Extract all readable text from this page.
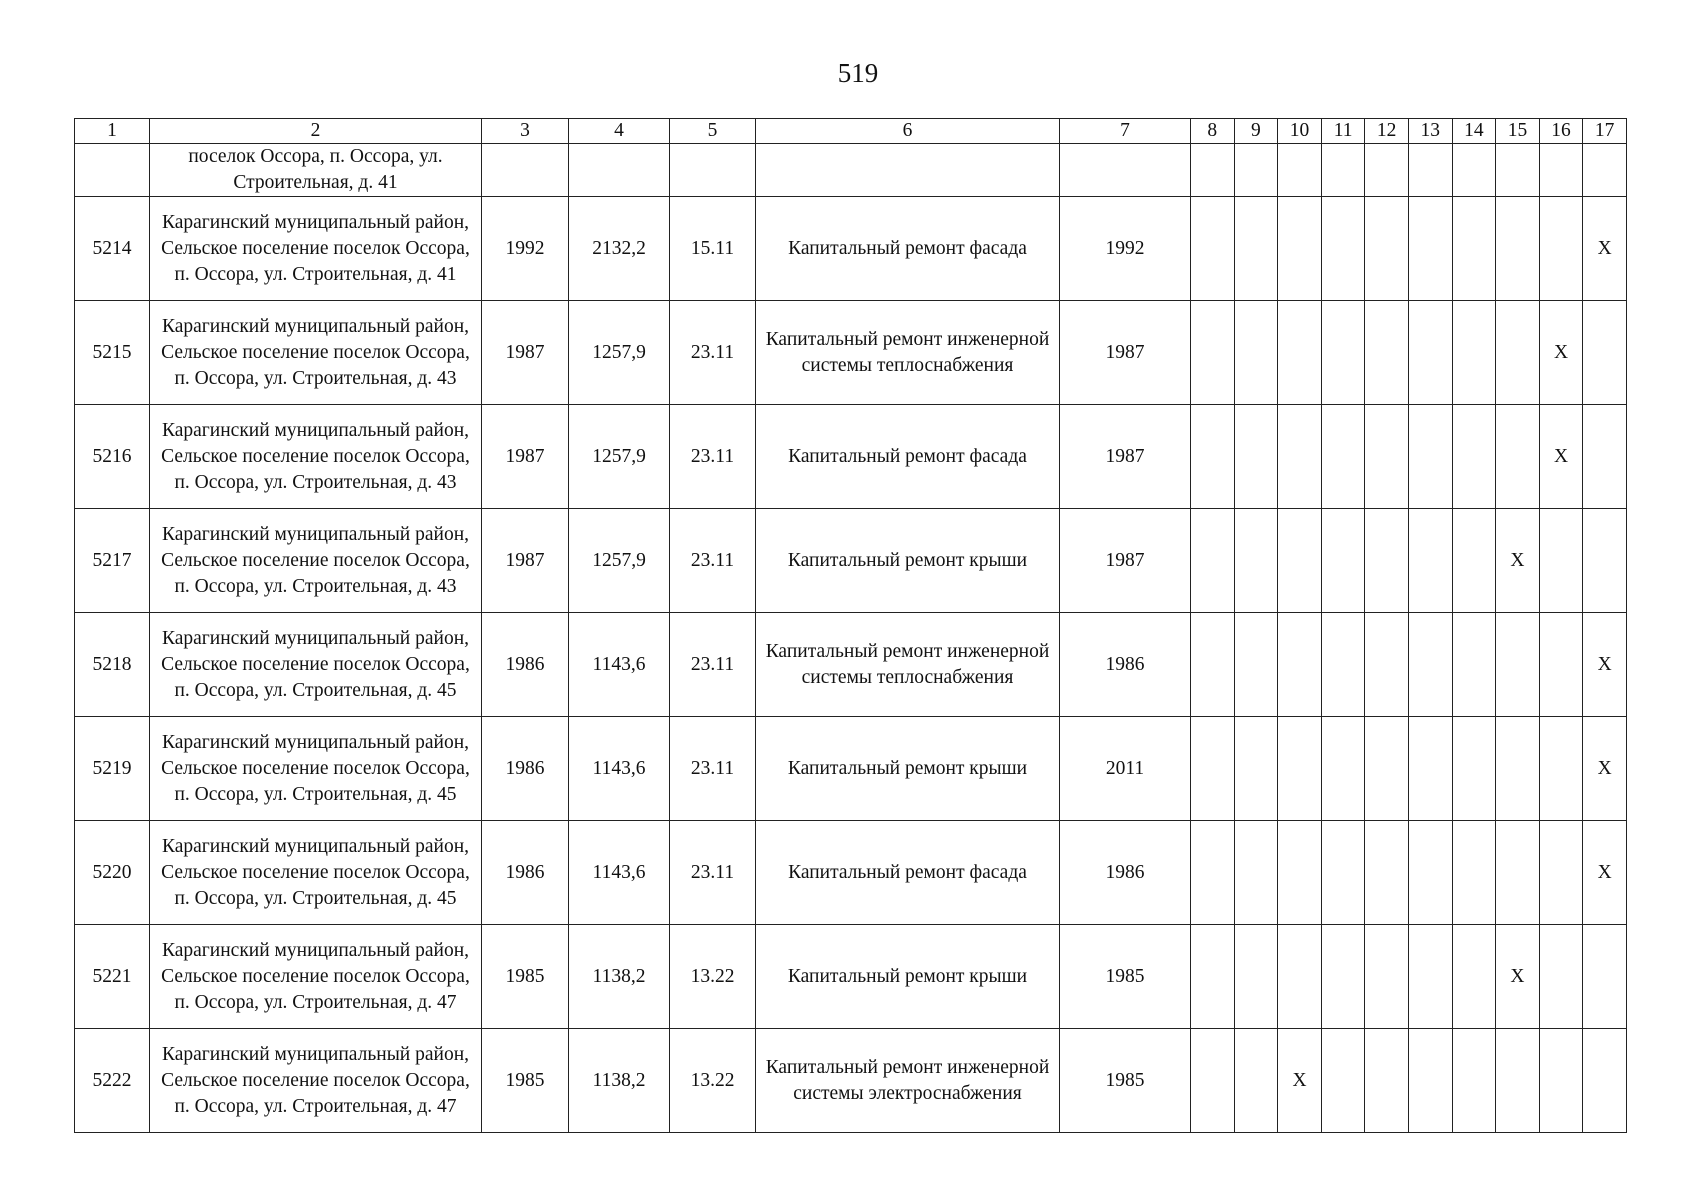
519
1	2	3	4	5	6	7	8	9	10	11	12	13	14	15	16	17
	поселок Оссора, п. Оссора, ул. Строительная, д. 41															
5214	Карагинский муниципальный район, Сельское поселение поселок Оссора, п. Оссора, ул. Строительная, д. 41	1992	2132,2	15.11	Капитальный ремонт фасада	1992										X
5215	Карагинский муниципальный район, Сельское поселение поселок Оссора, п. Оссора, ул. Строительная, д. 43	1987	1257,9	23.11	Капитальный ремонт инженерной системы теплоснабжения	1987									X	
5216	Карагинский муниципальный район, Сельское поселение поселок Оссора, п. Оссора, ул. Строительная, д. 43	1987	1257,9	23.11	Капитальный ремонт фасада	1987									X	
5217	Карагинский муниципальный район, Сельское поселение поселок Оссора, п. Оссора, ул. Строительная, д. 43	1987	1257,9	23.11	Капитальный ремонт крыши	1987								X		
5218	Карагинский муниципальный район, Сельское поселение поселок Оссора, п. Оссора, ул. Строительная, д. 45	1986	1143,6	23.11	Капитальный ремонт инженерной системы теплоснабжения	1986										X
5219	Карагинский муниципальный район, Сельское поселение поселок Оссора, п. Оссора, ул. Строительная, д. 45	1986	1143,6	23.11	Капитальный ремонт крыши	2011										X
5220	Карагинский муниципальный район, Сельское поселение поселок Оссора, п. Оссора, ул. Строительная, д. 45	1986	1143,6	23.11	Капитальный ремонт фасада	1986										X
5221	Карагинский муниципальный район, Сельское поселение поселок Оссора, п. Оссора, ул. Строительная, д. 47	1985	1138,2	13.22	Капитальный ремонт крыши	1985								X		
5222	Карагинский муниципальный район, Сельское поселение поселок Оссора, п. Оссора, ул. Строительная, д. 47	1985	1138,2	13.22	Капитальный ремонт инженерной системы электроснабжения	1985			X							
